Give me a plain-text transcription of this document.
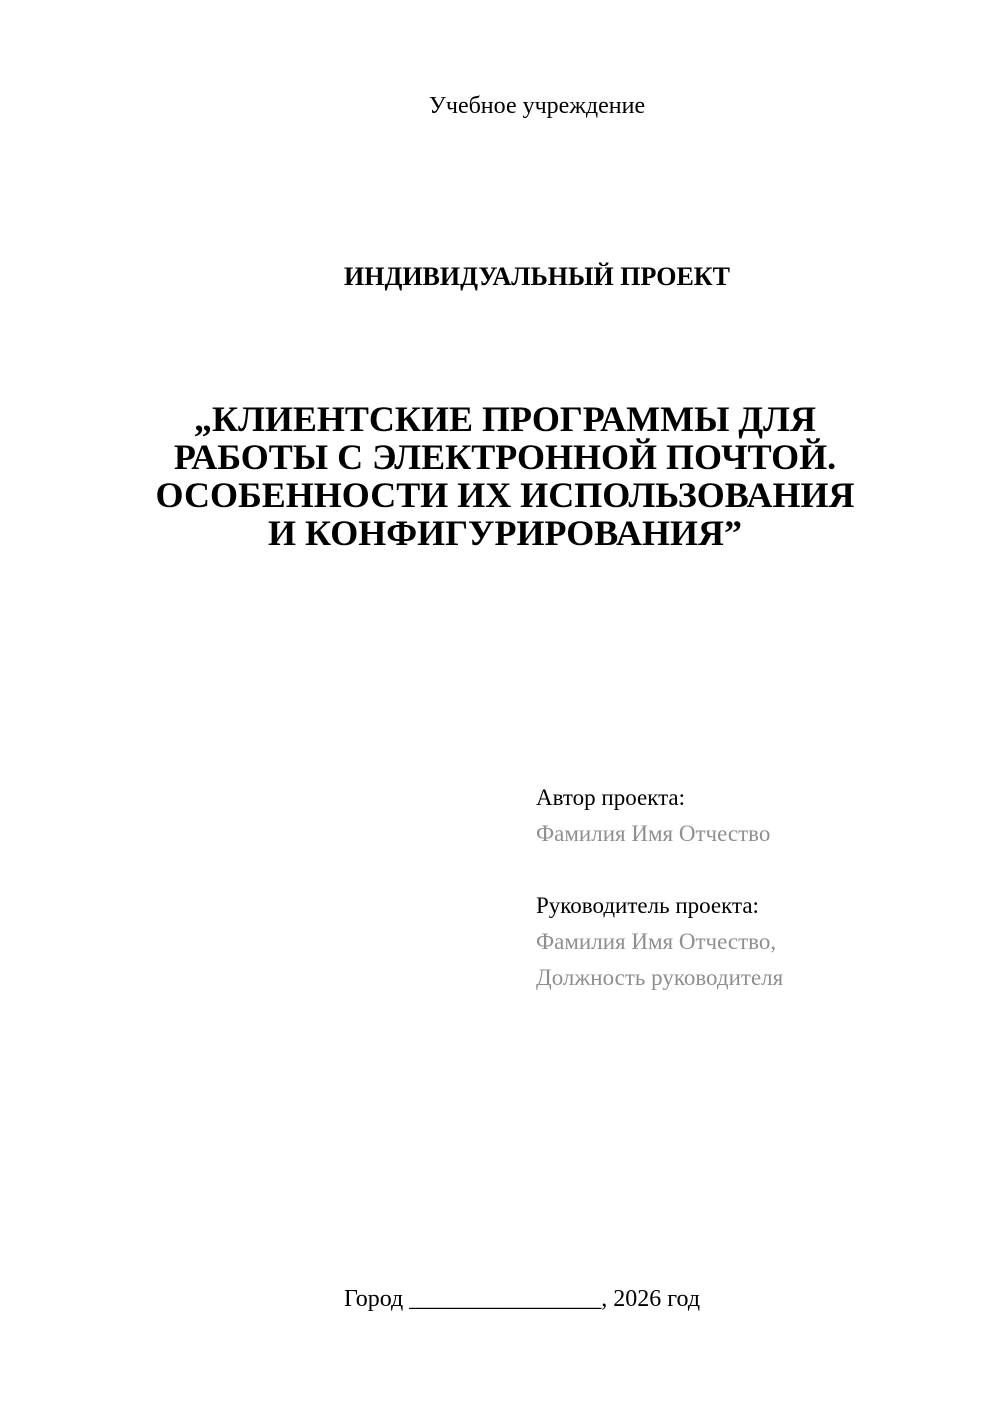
Учебное учреждение
ИНДИВИДУАЛЬНЫЙ ПРОЕКТ
„КЛИЕНТСКИЕ ПРОГРАММЫ ДЛЯ
РАБОТЫ С ЭЛЕКТРОННОЙ ПОЧТОЙ.
ОСОБЕННОСТИ ИХ ИСПОЛЬЗОВАНИЯ
И КОНФИГУРИРОВАНИЯ”
Автор проекта:
Фамилия Имя Отчество
Руководитель проекта:
Фамилия Имя Отчество,
Должность руководителя
Город ________________, 2026 год
